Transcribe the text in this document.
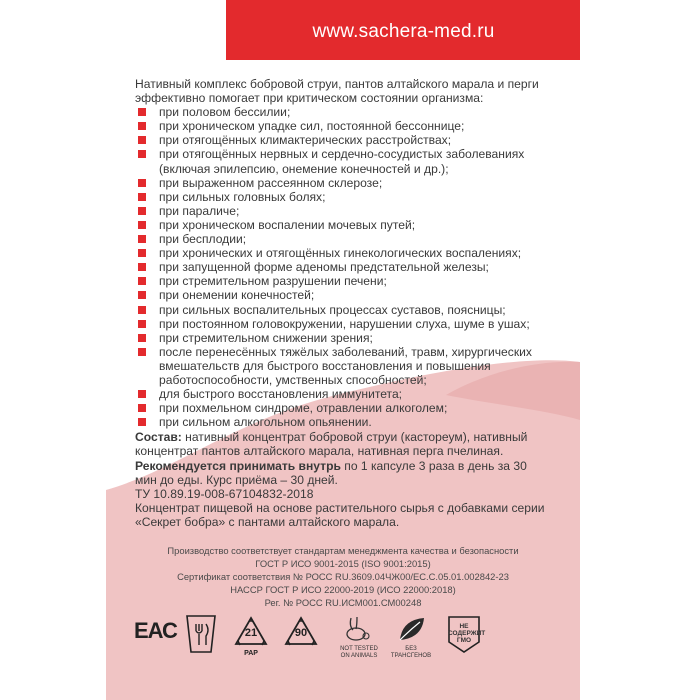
www.sachera-med.ru

Нативный комплекс бобровой струи, пантов алтайского марала и перги эффективно помогает при критическом состоянии организма:

при половом бессилии;
при хроническом упадке сил, постоянной бессоннице;
при отягощённых климактерических расстройствах;
при отягощённых нервных и сердечно-сосудистых заболеваниях (включая эпилепсию, онемение конечностей и др.);
при выраженном рассеянном склерозе;
при сильных головных болях;
при параличе;
при хроническом воспалении мочевых путей;
при бесплодии;
при хронических и отягощённых гинекологических воспалениях;
при запущенной форме аденомы предстательной железы;
при стремительном разрушении печени;
при онемении конечностей;
при сильных воспалительных процессах суставов, поясницы;
при постоянном головокружении, нарушении слуха, шуме в ушах;
при стремительном снижении зрения;
после перенесённых тяжёлых заболеваний, травм, хирургических вмешательств для быстрого восстановления и повышения работоспособности, умственных способностей;
для быстрого восстановления иммунитета;
при похмельном синдроме, отравлении алкоголем;
при сильном алкогольном опьянении.
Состав: нативный концентрат бобровой струи (кастореум), нативный концентрат пантов алтайского марала, нативная перга пчелиная.
Рекомендуется принимать внутрь по 1 капсуле 3 раза в день за 30 мин до еды. Курс приёма – 30 дней.
ТУ 10.89.19-008-67104832-2018
Концентрат пищевой на основе растительного сырья с добавками серии «Секрет бобра» с пантами алтайского марала.
Производство соответствует стандартам менеджмента качества и безопасности
ГОСТ Р ИСО 9001-2015 (ISO 9001:2015)
Сертификат соответствия № РОСС RU.3609.04ЧЖ00/ЕС.С.05.01.002842-23
НАССР ГОСТ Р ИСО 22000-2019 (ИСО 22000:2018)
Рег. № РОСС RU.ИСМ001.СМ00248
ЕАС	21
PAP
90
NOT TESTED ON ANIMALS
БЕЗ ТРАНСГЕНОВ
НЕ СОДЕРЖИТ ГМО
